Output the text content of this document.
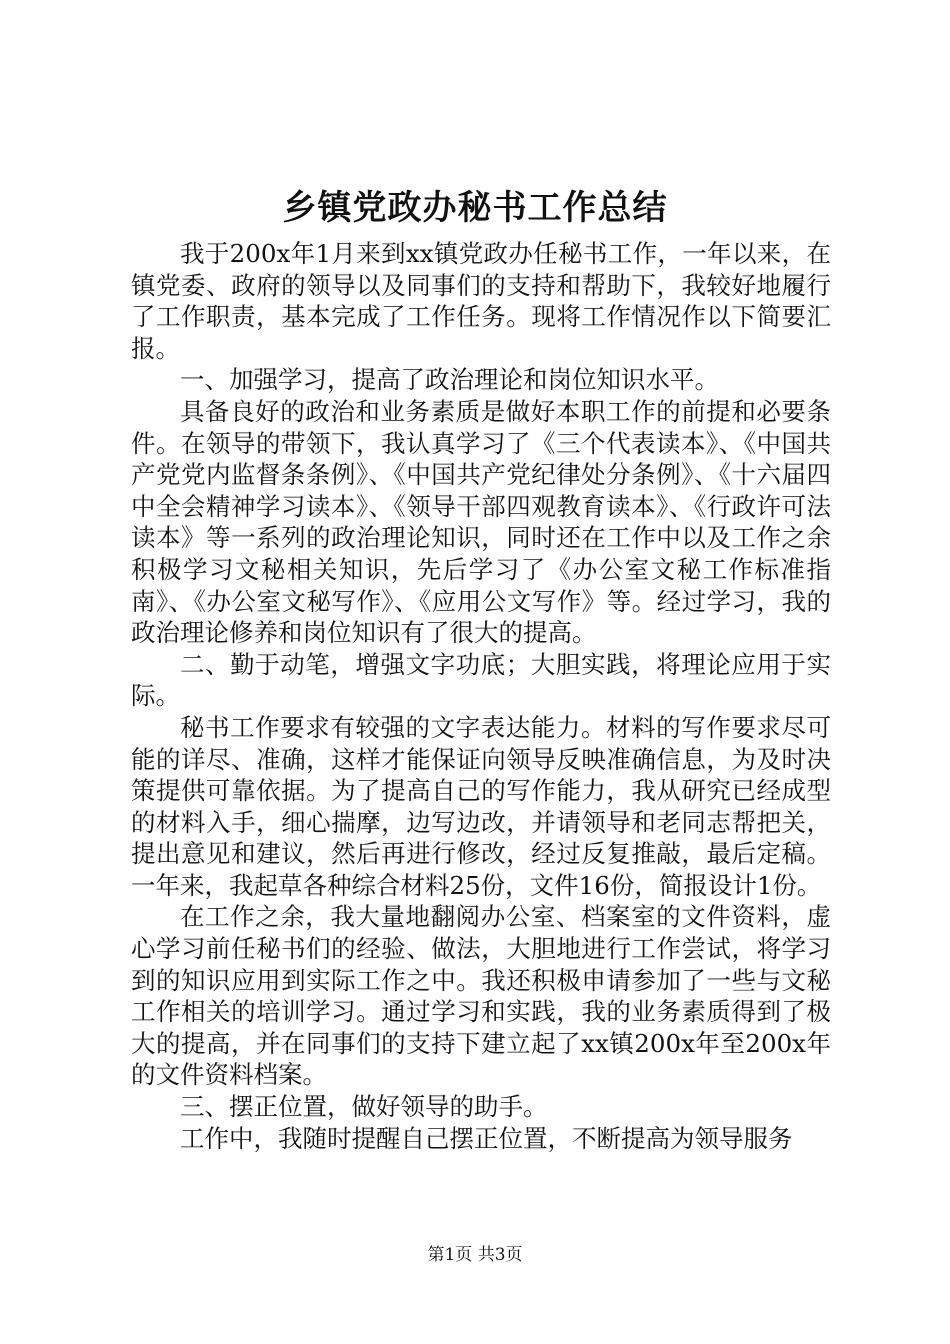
乡镇党政办秘书工作总结

我于200x年1月来到xx镇党政办任秘书工作，一年以来，在镇党委、政府的领导以及同事们的支持和帮助下，我较好地履行了工作职责，基本完成了工作任务。现将工作情况作以下简要汇报。

一、加强学习，提高了政治理论和岗位知识水平。

具备良好的政治和业务素质是做好本职工作的前提和必要条件。在领导的带领下，我认真学习了《三个代表读本》、《中国共产党党内监督条条例》、《中国共产党纪律处分条例》、《十六届四中全会精神学习读本》、《领导干部四观教育读本》、《行政许可法读本》等一系列的政治理论知识，同时还在工作中以及工作之余积极学习文秘相关知识，先后学习了《办公室文秘工作标准指南》、《办公室文秘写作》、《应用公文写作》等。经过学习，我的政治理论修养和岗位知识有了很大的提高。

二、勤于动笔，增强文字功底；大胆实践，将理论应用于实际。

秘书工作要求有较强的文字表达能力。材料的写作要求尽可能的详尽、准确，这样才能保证向领导反映准确信息，为及时决策提供可靠依据。为了提高自己的写作能力，我从研究已经成型的材料入手，细心揣摩，边写边改，并请领导和老同志帮把关，提出意见和建议，然后再进行修改，经过反复推敲，最后定稿。一年来，我起草各种综合材料25份，文件16份，简报设计1份。

在工作之余，我大量地翻阅办公室、档案室的文件资料，虚心学习前任秘书们的经验、做法，大胆地进行工作尝试，将学习到的知识应用到实际工作之中。我还积极申请参加了一些与文秘工作相关的培训学习。通过学习和实践，我的业务素质得到了极大的提高，并在同事们的支持下建立起了xx镇200x年至200x年的文件资料档案。

三、摆正位置，做好领导的助手。

工作中，我随时提醒自己摆正位置，不断提高为领导服务

第1页 共3页
